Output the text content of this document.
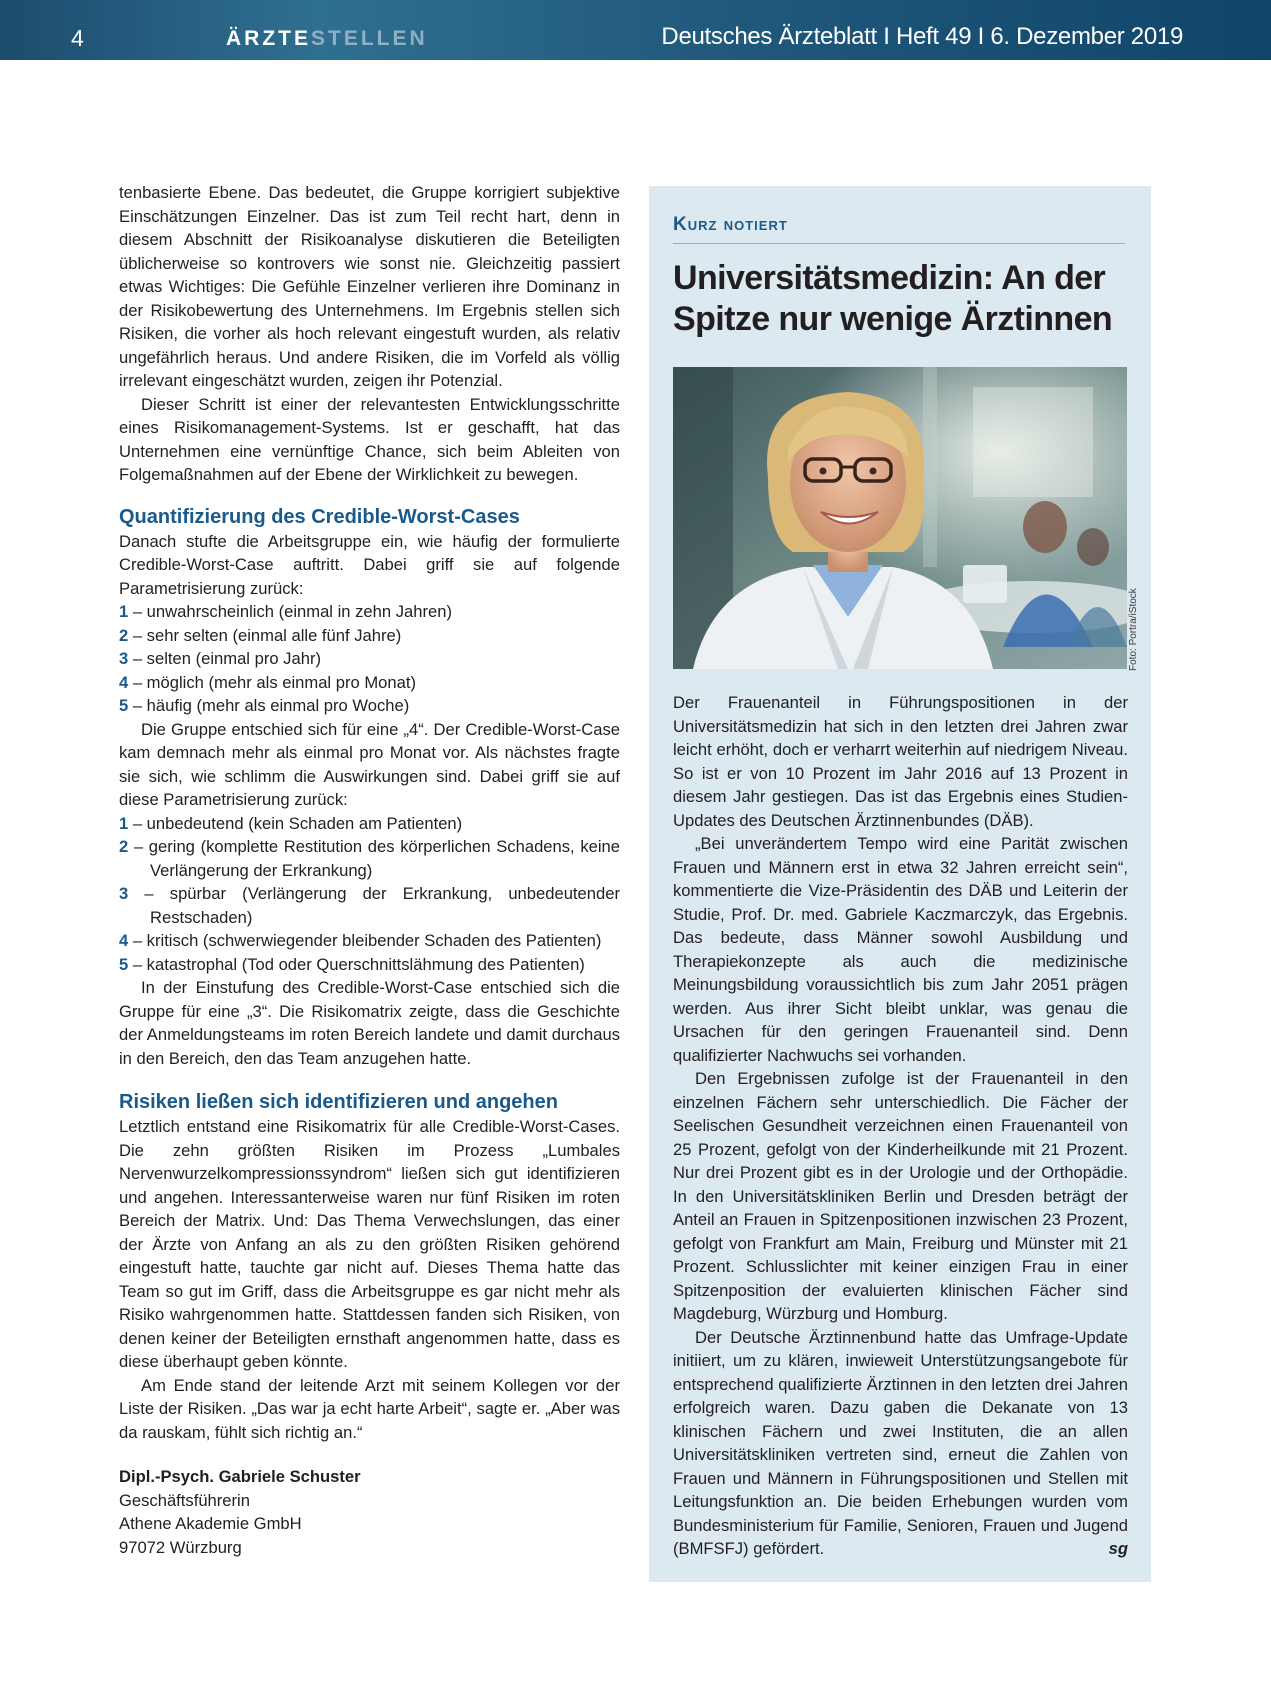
4	ÄRZTESTELLEN	Deutsches Ärzteblatt I Heft 49 I 6. Dezember 2019

tenbasierte Ebene. Das bedeutet, die Gruppe korrigiert subjektive Einschätzungen Einzelner. Das ist zum Teil recht hart, denn in diesem Abschnitt der Risikoanalyse diskutieren die Beteiligten üblicherweise so kontrovers wie sonst nie. Gleichzeitig passiert etwas Wichtiges: Die Gefühle Einzelner verlieren ihre Dominanz in der Risikobewertung des Unternehmens. Im Ergebnis stellen sich Risiken, die vorher als hoch relevant eingestuft wurden, als relativ ungefährlich heraus. Und andere Risiken, die im Vorfeld als völlig irrelevant eingeschätzt wurden, zeigen ihr Potenzial.

Dieser Schritt ist einer der relevantesten Entwicklungsschritte eines Risikomanagement-Systems. Ist er geschafft, hat das Unternehmen eine vernünftige Chance, sich beim Ableiten von Folgemaßnahmen auf der Ebene der Wirklichkeit zu bewegen.

Quantifizierung des Credible-Worst-Cases

Danach stufte die Arbeitsgruppe ein, wie häufig der formulierte Credible-Worst-Case auftritt. Dabei griff sie auf folgende Parametrisierung zurück:

1 – unwahrscheinlich (einmal in zehn Jahren)
2 – sehr selten (einmal alle fünf Jahre)
3 – selten (einmal pro Jahr)
4 – möglich (mehr als einmal pro Monat)
5 – häufig (mehr als einmal pro Woche)

Die Gruppe entschied sich für eine „4“. Der Credible-Worst-Case kam demnach mehr als einmal pro Monat vor. Als nächstes fragte sie sich, wie schlimm die Auswirkungen sind. Dabei griff sie auf diese Parametrisierung zurück:

1 – unbedeutend (kein Schaden am Patienten)
2 – gering (komplette Restitution des körperlichen Schadens, keine Verlängerung der Erkrankung)
3 – spürbar (Verlängerung der Erkrankung, unbedeutender Restschaden)
4 – kritisch (schwerwiegender bleibender Schaden des Patienten)
5 – katastrophal (Tod oder Querschnittslähmung des Patienten)

In der Einstufung des Credible-Worst-Case entschied sich die Gruppe für eine „3“. Die Risikomatrix zeigte, dass die Geschichte der Anmeldungsteams im roten Bereich landete und damit durchaus in den Bereich, den das Team anzugehen hatte.

Risiken ließen sich identifizieren und angehen

Letztlich entstand eine Risikomatrix für alle Credible-Worst-Cases. Die zehn größten Risiken im Prozess „Lumbales Nervenwurzelkompressionssyndrom“ ließen sich gut identifizieren und angehen. Interessanterweise waren nur fünf Risiken im roten Bereich der Matrix. Und: Das Thema Verwechslungen, das einer der Ärzte von Anfang an als zu den größten Risiken gehörend eingestuft hatte, tauchte gar nicht auf. Dieses Thema hatte das Team so gut im Griff, dass die Arbeitsgruppe es gar nicht mehr als Risiko wahrgenommen hatte. Stattdessen fanden sich Risiken, von denen keiner der Beteiligten ernsthaft angenommen hatte, dass es diese überhaupt geben könnte.

Am Ende stand der leitende Arzt mit seinem Kollegen vor der Liste der Risiken. „Das war ja echt harte Arbeit“, sagte er. „Aber was da rauskam, fühlt sich richtig an.“

Dipl.-Psych. Gabriele Schuster
Geschäftsführerin
Athene Akademie GmbH
97072 Würzburg
Kurz notiert
Universitätsmedizin: An der Spitze nur wenige Ärztinnen
Foto: Portra/iStock

Der Frauenanteil in Führungspositionen in der Universitätsmedizin hat sich in den letzten drei Jahren zwar leicht erhöht, doch er verharrt weiterhin auf niedrigem Niveau. So ist er von 10 Prozent im Jahr 2016 auf 13 Prozent in diesem Jahr gestiegen. Das ist das Ergebnis eines Studien-Updates des Deutschen Ärztinnenbundes (DÄB).

„Bei unverändertem Tempo wird eine Parität zwischen Frauen und Männern erst in etwa 32 Jahren erreicht sein“, kommentierte die Vize-Präsidentin des DÄB und Leiterin der Studie, Prof. Dr. med. Gabriele Kaczmarczyk, das Ergebnis. Das bedeute, dass Männer sowohl Ausbildung und Therapiekonzepte als auch die medizinische Meinungsbildung voraussichtlich bis zum Jahr 2051 prägen werden. Aus ihrer Sicht bleibt unklar, was genau die Ursachen für den geringen Frauenanteil sind. Denn qualifizierter Nachwuchs sei vorhanden.

Den Ergebnissen zufolge ist der Frauenanteil in den einzelnen Fächern sehr unterschiedlich. Die Fächer der Seelischen Gesundheit verzeichnen einen Frauenanteil von 25 Prozent, gefolgt von der Kinderheilkunde mit 21 Prozent. Nur drei Prozent gibt es in der Urologie und der Orthopädie. In den Universitätskliniken Berlin und Dresden beträgt der Anteil an Frauen in Spitzenpositionen inzwischen 23 Prozent, gefolgt von Frankfurt am Main, Freiburg und Münster mit 21 Prozent. Schlusslichter mit keiner einzigen Frau in einer Spitzenposition der evaluierten klinischen Fächer sind Magdeburg, Würzburg und Homburg.

Der Deutsche Ärztinnenbund hatte das Umfrage-Update initiiert, um zu klären, inwieweit Unterstützungsangebote für entsprechend qualifizierte Ärztinnen in den letzten drei Jahren erfolgreich waren. Dazu gaben die Dekanate von 13 klinischen Fächern und zwei Instituten, die an allen Universitätskliniken vertreten sind, erneut die Zahlen von Frauen und Männern in Führungspositionen und Stellen mit Leitungsfunktion an. Die beiden Erhebungen wurden vom Bundesministerium für Familie, Senioren, Frauen und Jugend (BMFSFJ) gefördert.	sg
